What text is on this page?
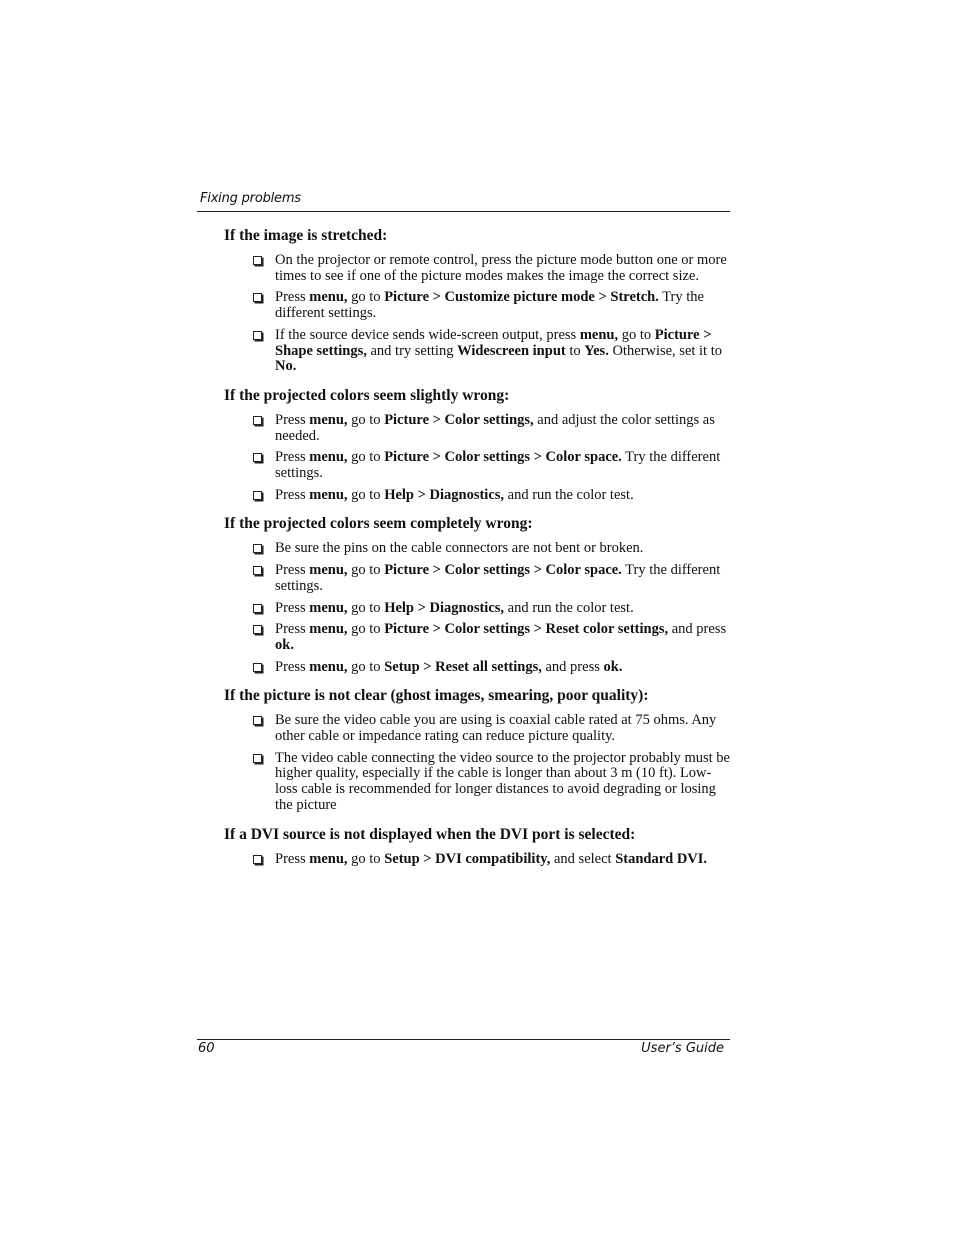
Fixing problems
If the image is stretched:
On the projector or remote control, press the picture mode button one or more times to see if one of the picture modes makes the image the correct size.
Press menu, go to Picture > Customize picture mode > Stretch. Try the different settings.
If the source device sends wide-screen output, press menu, go to Picture > Shape settings, and try setting Widescreen input to Yes. Otherwise, set it to No.
If the projected colors seem slightly wrong:
Press menu, go to Picture > Color settings, and adjust the color settings as needed.
Press menu, go to Picture > Color settings > Color space. Try the different settings.
Press menu, go to Help > Diagnostics, and run the color test.
If the projected colors seem completely wrong:
Be sure the pins on the cable connectors are not bent or broken.
Press menu, go to Picture > Color settings > Color space. Try the different settings.
Press menu, go to Help > Diagnostics, and run the color test.
Press menu, go to Picture > Color settings > Reset color settings, and press ok.
Press menu, go to Setup > Reset all settings, and press ok.
If the picture is not clear (ghost images, smearing, poor quality):
Be sure the video cable you are using is coaxial cable rated at 75 ohms. Any other cable or impedance rating can reduce picture quality.
The video cable connecting the video source to the projector probably must be higher quality, especially if the cable is longer than about 3 m (10 ft). Low-loss cable is recommended for longer distances to avoid degrading or losing the picture
If a DVI source is not displayed when the DVI port is selected:
Press menu, go to Setup > DVI compatibility, and select Standard DVI.
60	User’s Guide
